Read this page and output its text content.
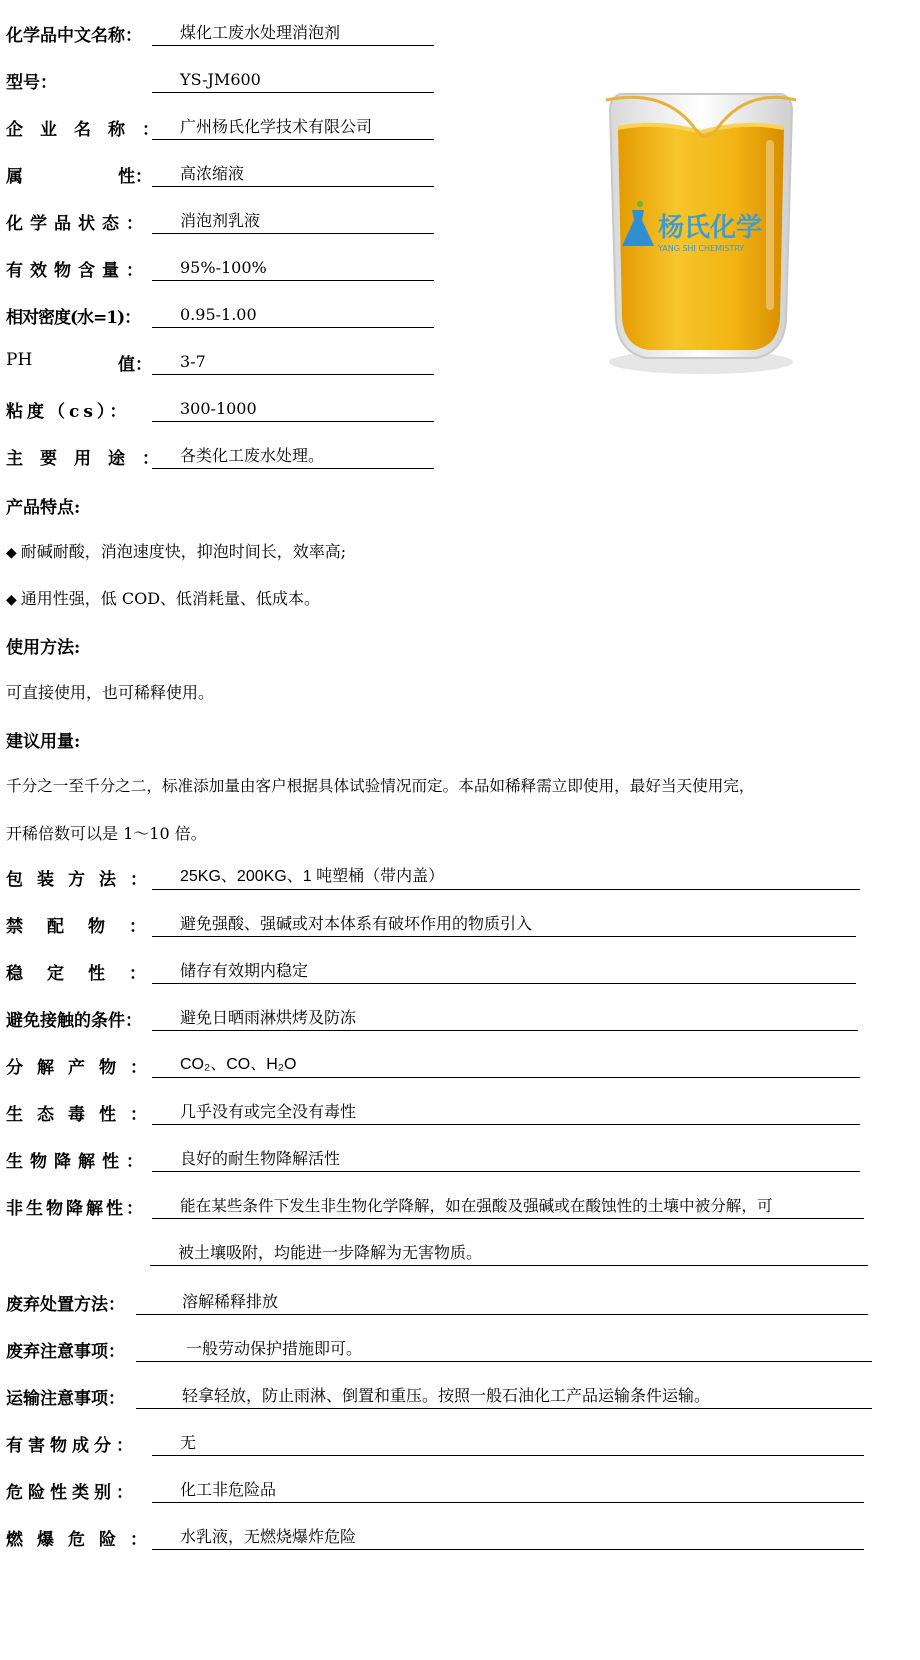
化学品中文名称：	煤化工废水处理消泡剂
型号：	YS-JM600
企业名称： 广州杨氏化学技术有限公司
属	性：	高浓缩液
化学品状态：	消泡剂乳液
有效物含量：	95%-100%
相对密度(水=1)：	0.95-1.00
PH	值：	3-7
粘度（cs）：	300-1000
主要用途： 各类化工废水处理。
杨氏化学
YANG SHI CHEMISTRY
产品特点:
◆ 耐碱耐酸，消泡速度快，抑泡时间长，效率高;
◆ 通用性强，低 COD、低消耗量、低成本。
使用方法:
可直接使用，也可稀释使用。
建议用量:
千分之一至千分之二，标准添加量由客户根据具体试验情况而定。本品如稀释需立即使用，最好当天使用完，
开稀倍数可以是 1～10 倍。
包装方法：	25KG、200KG、1 吨塑桶（带内盖）
禁配物： 避免强酸、强碱或对本体系有破坏作用的物质引入
稳定性： 储存有效期内稳定
避免接触的条件：	避免日晒雨淋烘烤及防冻
分解产物：	CO₂、CO、H₂O
生态毒性：	几乎没有或完全没有毒性
生物降解性：	良好的耐生物降解活性
非生物降解性：	能在某些条件下发生非生物化学降解，如在强酸及强碱或在酸蚀性的土壤中被分解，可
被土壤吸附，均能进一步降解为无害物质。
废弃处置方法：	溶解稀释排放
废弃注意事项：	一般劳动保护措施即可。
运输注意事项：	轻拿轻放，防止雨淋、倒置和重压。按照一般石油化工产品运输条件运输。
有害物成分：	无
危险性类别：	化工非危险品
燃爆危险：	水乳液，无燃烧爆炸危险
